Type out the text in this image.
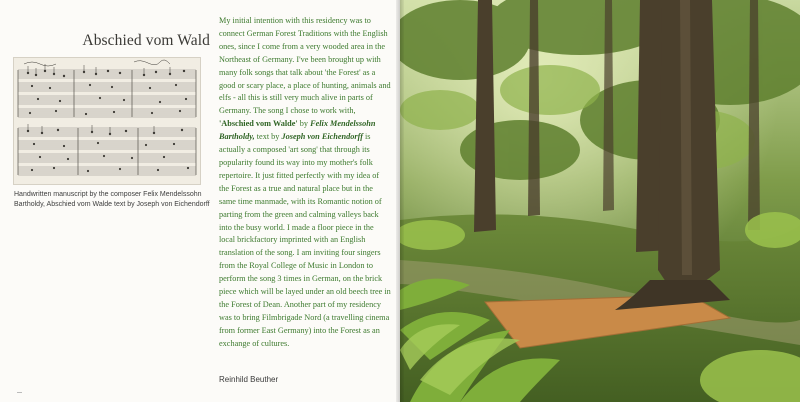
Abschied vom Wald
Handwritten manuscript by the composer Felix Mendelssohn Bartholdy, Abschied vom Walde text by Joseph von Eichendorff
My initial intention with this residency was to connect German Forest Traditions with the English ones, since I come from a very wooded area in the Northeast of Germany. I've been brought up with many folk songs that talk about 'the Forest' as a good or scary place, a place of hunting, animals and elfs - all this is still very much alive in parts of Germany. The song I chose to work with, 'Abschied vom Walde' by Felix Mendelssohn Bartholdy, text by Joseph von Eichendorff is actually a composed 'art song' that through its popularity found its way into my mother's folk repertoire. It just fitted perfectly with my idea of the Forest as a true and natural place but in the same time manmade, with its Romantic notion of parting from the green and calming valleys back into the busy world. I made a floor piece in the local brickfactory imprinted with an English translation of the song. I am inviting four singers from the Royal College of Music in London to perform the song 3 times in German, on the brick piece which will be layed under an old beech tree in the Forest of Dean. Another part of my residency was to bring Filmbrigade Nord (a travelling cinema from former East Germany) into the Forest as an exchange of cultures.
Reinhild Beuther
